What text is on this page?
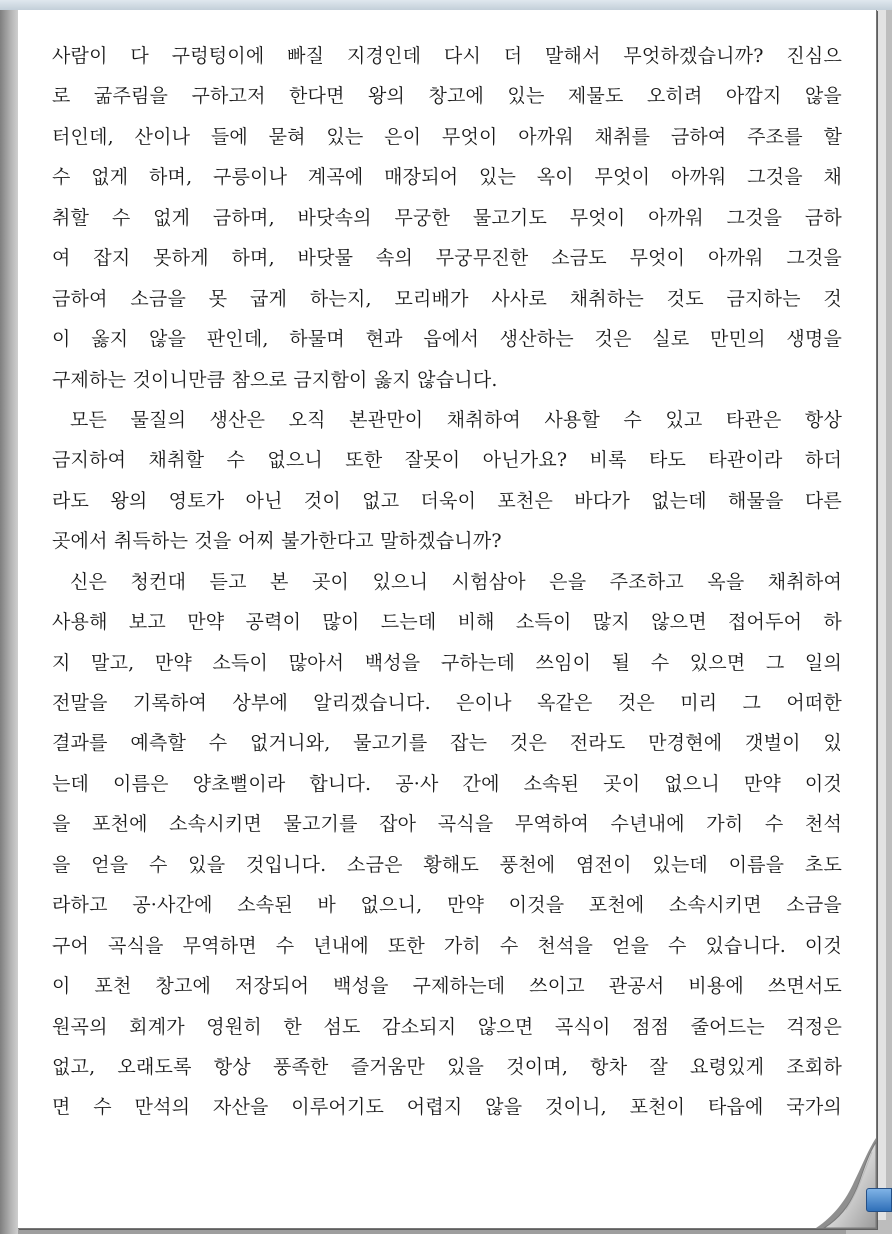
사람이 다 구렁텅이에 빠질 지경인데 다시 더 말해서 무엇하겠습니까? 진심으
로 굶주림을 구하고저 한다면 왕의 창고에 있는 제물도 오히려 아깝지 않을
터인데, 산이나 들에 묻혀 있는 은이 무엇이 아까워 채취를 금하여 주조를 할
수 없게 하며, 구릉이나 계곡에 매장되어 있는 옥이 무엇이 아까워 그것을 채
취할 수 없게 금하며, 바닷속의 무궁한 물고기도 무엇이 아까워 그것을 금하
여 잡지 못하게 하며, 바닷물 속의 무궁무진한 소금도 무엇이 아까워 그것을
금하여 소금을 못 굽게 하는지, 모리배가 사사로 채취하는 것도 금지하는 것
이 옳지 않을 판인데, 하물며 현과 읍에서 생산하는 것은 실로 만민의 생명을
구제하는 것이니만큼 참으로 금지함이 옳지 않습니다.
모든 물질의 생산은 오직 본관만이 채취하여 사용할 수 있고 타관은 항상
금지하여 채취할 수 없으니 또한 잘못이 아닌가요? 비록 타도 타관이라 하더
라도 왕의 영토가 아닌 것이 없고 더욱이 포천은 바다가 없는데 해물을 다른
곳에서 취득하는 것을 어찌 불가한다고 말하겠습니까?
신은 청컨대 듣고 본 곳이 있으니 시험삼아 은을 주조하고 옥을 채취하여
사용해 보고 만약 공력이 많이 드는데 비해 소득이 많지 않으면 접어두어 하
지 말고, 만약 소득이 많아서 백성을 구하는데 쓰임이 될 수 있으면 그 일의
전말을 기록하여 상부에 알리겠습니다. 은이나 옥같은 것은 미리 그 어떠한
결과를 예측할 수 없거니와, 물고기를 잡는 것은 전라도 만경현에 갯벌이 있
는데 이름은 양초뻘이라 합니다. 공·사 간에 소속된 곳이 없으니 만약 이것
을 포천에 소속시키면 물고기를 잡아 곡식을 무역하여 수년내에 가히 수 천석
을 얻을 수 있을 것입니다. 소금은 황해도 풍천에 염전이 있는데 이름을 초도
라하고 공·사간에 소속된 바 없으니, 만약 이것을 포천에 소속시키면 소금을
구어 곡식을 무역하면 수 년내에 또한 가히 수 천석을 얻을 수 있습니다. 이것
이 포천 창고에 저장되어 백성을 구제하는데 쓰이고 관공서 비용에 쓰면서도
원곡의 회계가 영원히 한 섬도 감소되지 않으면 곡식이 점점 줄어드는 걱정은
없고, 오래도록 항상 풍족한 즐거움만 있을 것이며, 항차 잘 요령있게 조회하
면 수 만석의 자산을 이루어기도 어렵지 않을 것이니, 포천이 타읍에 국가의
